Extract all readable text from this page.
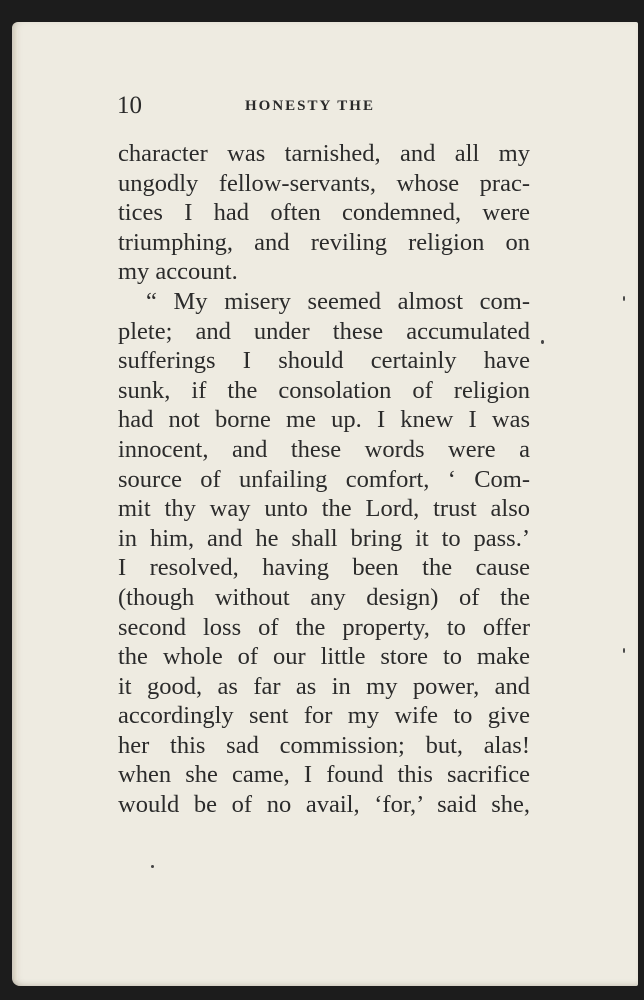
10	HONESTY THE
character was tarnished, and all my
ungodly fellow-servants, whose prac-
tices I had often condemned, were
triumphing, and reviling religion on
my account.
“ My misery seemed almost com-
plete; and under these accumulated
sufferings I should certainly have
sunk, if the consolation of religion
had not borne me up. I knew I was
innocent, and these words were a
source of unfailing comfort, ‘ Com-
mit thy way unto the Lord, trust also
in him, and he shall bring it to pass.’
I resolved, having been the cause
(though without any design) of the
second loss of the property, to offer
the whole of our little store to make
it good, as far as in my power, and
accordingly sent for my wife to give
her this sad commission; but, alas!
when she came, I found this sacrifice
would be of no avail, ‘for,’ said she,
